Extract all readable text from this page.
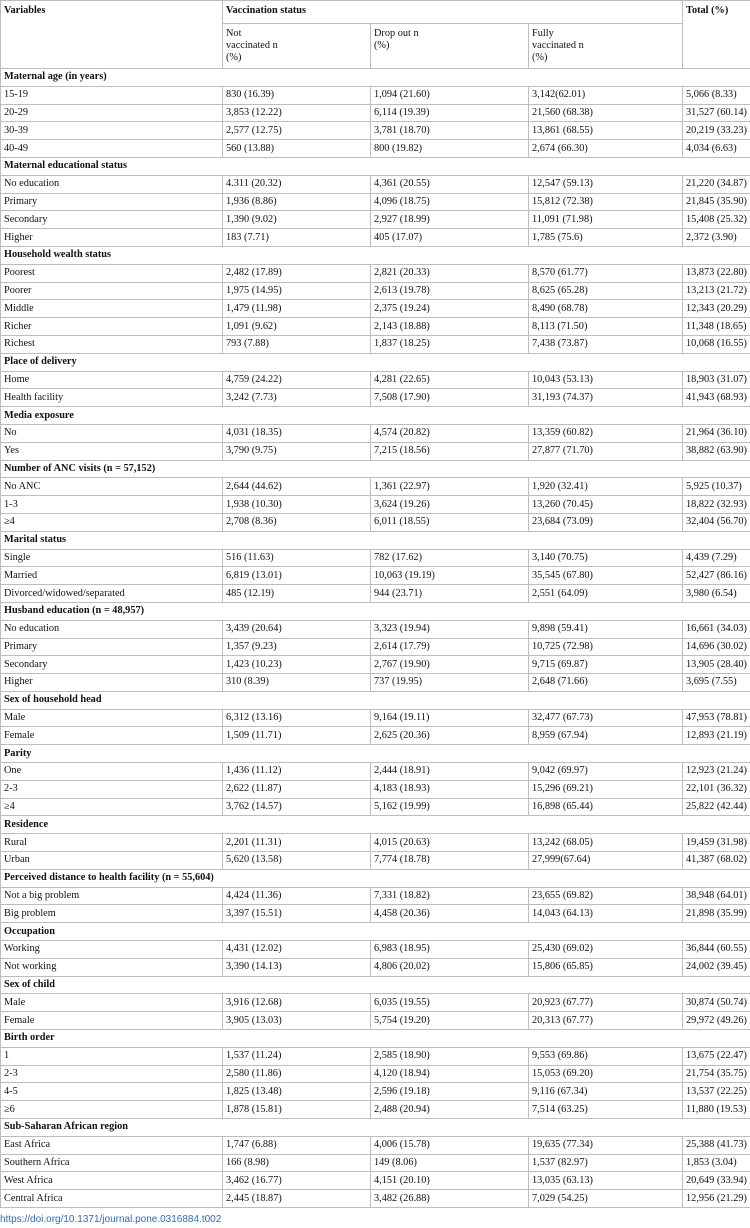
Variables	Vaccination status			Total (%)
	Not vaccinated n (%)	Drop out n (%)	Fully vaccinated n (%)	
Maternal age (in years)				
15-19	830 (16.39)	1,094 (21.60)	3,142(62.01)	5,066 (8.33)
20-29	3,853 (12.22)	6,114 (19.39)	21,560 (68.38)	31,527 (60.14)
30-39	2,577 (12.75)	3,781 (18.70)	13,861 (68.55)	20,219 (33.23)
40-49	560 (13.88)	800 (19.82)	2,674 (66.30)	4,034 (6.63)
Maternal educational status				
No education	4.311 (20.32)	4,361 (20.55)	12,547 (59.13)	21,220 (34.87)
Primary	1,936 (8.86)	4,096 (18.75)	15,812 (72.38)	21,845 (35.90)
Secondary	1,390 (9.02)	2,927 (18.99)	11,091 (71.98)	15,408 (25.32)
Higher	183 (7.71)	405 (17.07)	1,785 (75.6)	2,372 (3.90)
Household wealth status				
Poorest	2,482 (17.89)	2,821 (20.33)	8,570 (61.77)	13,873 (22.80)
Poorer	1,975 (14.95)	2,613 (19.78)	8,625 (65.28)	13,213 (21.72)
Middle	1,479 (11.98)	2,375 (19.24)	8,490 (68.78)	12,343 (20.29)
Richer	1,091 (9.62)	2,143 (18.88)	8,113 (71.50)	11,348 (18.65)
Richest	793 (7.88)	1,837 (18.25)	7,438 (73.87)	10,068 (16.55)
Place of delivery				
Home	4,759 (24.22)	4,281 (22.65)	10,043 (53.13)	18,903 (31.07)
Health facility	3,242 (7.73)	7,508 (17.90)	31,193 (74.37)	41,943 (68.93)
Media exposure				
No	4,031 (18.35)	4,574 (20.82)	13,359 (60.82)	21,964 (36.10)
Yes	3,790 (9.75)	7,215 (18.56)	27,877 (71.70)	38,882 (63.90)
Number of ANC visits (n = 57,152)				
No ANC	2,644 (44.62)	1,361 (22.97)	1,920 (32.41)	5,925 (10.37)
1-3	1,938 (10.30)	3,624 (19.26)	13,260 (70.45)	18,822 (32.93)
≥4	2,708 (8.36)	6,011 (18.55)	23,684 (73.09)	32,404 (56.70)
Marital status				
Single	516 (11.63)	782 (17.62)	3,140 (70.75)	4,439 (7.29)
Married	6,819 (13.01)	10,063 (19.19)	35,545 (67.80)	52,427 (86.16)
Divorced/widowed/separated	485 (12.19)	944 (23.71)	2,551 (64.09)	3,980 (6.54)
Husband education (n = 48,957)				
No education	3,439 (20.64)	3,323 (19.94)	9,898 (59.41)	16,661 (34.03)
Primary	1,357 (9.23)	2,614 (17.79)	10,725 (72.98)	14,696 (30.02)
Secondary	1,423 (10.23)	2,767 (19.90)	9,715 (69.87)	13,905 (28.40)
Higher	310 (8.39)	737 (19.95)	2,648 (71.66)	3,695 (7.55)
Sex of household head				
Male	6,312 (13.16)	9,164 (19.11)	32,477 (67.73)	47,953 (78.81)
Female	1,509 (11.71)	2,625 (20.36)	8,959 (67.94)	12,893 (21.19)
Parity				
One	1,436 (11.12)	2,444 (18.91)	9,042 (69.97)	12,923 (21.24)
2-3	2,622 (11.87)	4,183 (18.93)	15,296 (69.21)	22,101 (36.32)
≥4	3,762 (14.57)	5,162 (19.99)	16,898 (65.44)	25,822 (42.44)
Residence				
Rural	2,201 (11.31)	4,015 (20.63)	13,242 (68.05)	19,459 (31.98)
Urban	5,620 (13.58)	7,774 (18.78)	27,999(67.64)	41,387 (68.02)
Perceived distance to health facility (n = 55,604)				
Not a big problem	4,424 (11.36)	7,331 (18.82)	23,655 (69.82)	38,948 (64.01)
Big problem	3,397 (15.51)	4,458 (20.36)	14,043 (64.13)	21,898 (35.99)
Occupation				
Working	4,431 (12.02)	6,983 (18.95)	25,430 (69.02)	36,844 (60.55)
Not working	3,390 (14.13)	4,806 (20.02)	15,806 (65.85)	24,002 (39.45)
Sex of child				
Male	3,916 (12.68)	6,035 (19.55)	20,923 (67.77)	30,874 (50.74)
Female	3,905 (13.03)	5,754 (19.20)	20,313 (67.77)	29,972 (49.26)
Birth order				
1	1,537 (11.24)	2,585 (18.90)	9,553 (69.86)	13,675 (22.47)
2-3	2,580 (11.86)	4,120 (18.94)	15,053 (69.20)	21,754 (35.75)
4-5	1,825 (13.48)	2,596 (19.18)	9,116 (67.34)	13,537 (22.25)
≥6	1,878 (15.81)	2,488 (20.94)	7,514 (63.25)	11,880 (19.53)
Sub-Saharan African region				
East Africa	1,747 (6.88)	4,006 (15.78)	19,635 (77.34)	25,388 (41.73)
Southern Africa	166 (8.98)	149 (8.06)	1,537 (82.97)	1,853 (3.04)
West Africa	3,462 (16.77)	4,151 (20.10)	13,035 (63.13)	20,649 (33.94)
Central Africa	2,445 (18.87)	3,482 (26.88)	7,029 (54.25)	12,956 (21.29)
https://doi.org/10.1371/journal.pone.0316884.t002
